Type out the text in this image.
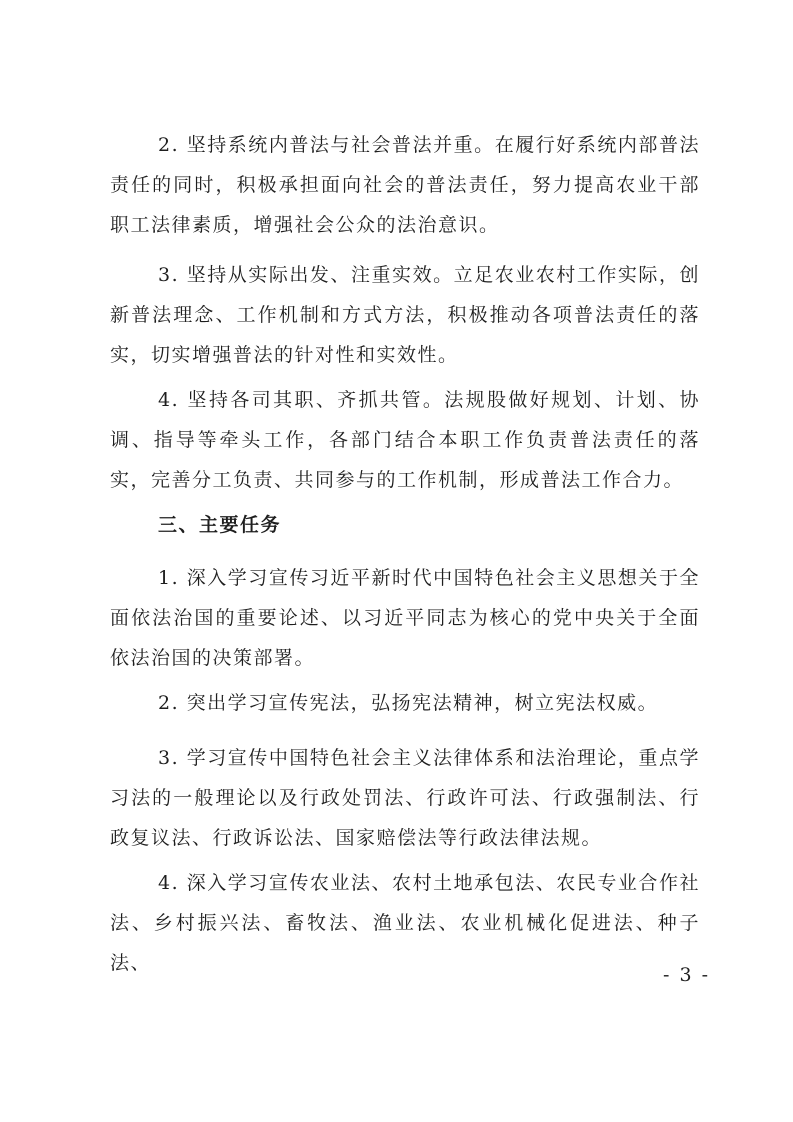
2. 坚持系统内普法与社会普法并重。在履行好系统内部普法责任的同时，积极承担面向社会的普法责任，努力提高农业干部职工法律素质，增强社会公众的法治意识。

3. 坚持从实际出发、注重实效。立足农业农村工作实际，创新普法理念、工作机制和方式方法，积极推动各项普法责任的落实，切实增强普法的针对性和实效性。

4. 坚持各司其职、齐抓共管。法规股做好规划、计划、协调、指导等牵头工作，各部门结合本职工作负责普法责任的落实，完善分工负责、共同参与的工作机制，形成普法工作合力。

三、主要任务

1. 深入学习宣传习近平新时代中国特色社会主义思想关于全面依法治国的重要论述、以习近平同志为核心的党中央关于全面依法治国的决策部署。

2. 突出学习宣传宪法，弘扬宪法精神，树立宪法权威。

3. 学习宣传中国特色社会主义法律体系和法治理论，重点学习法的一般理论以及行政处罚法、行政许可法、行政强制法、行政复议法、行政诉讼法、国家赔偿法等行政法律法规。

4. 深入学习宣传农业法、农村土地承包法、农民专业合作社法、乡村振兴法、畜牧法、渔业法、农业机械化促进法、种子法、

- 3 -
